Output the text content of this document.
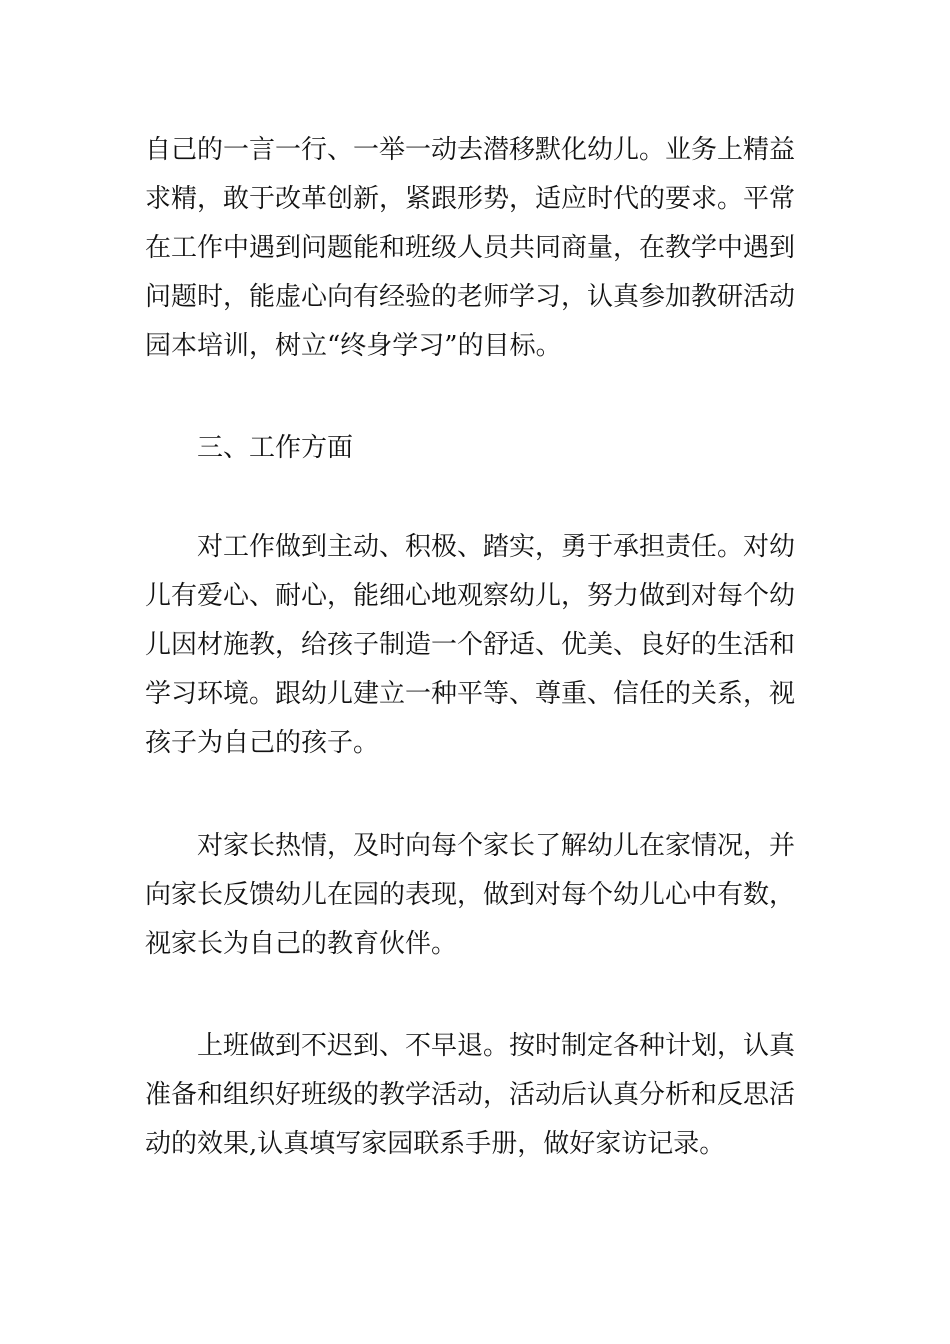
自己的一言一行、一举一动去潜移默化幼儿。业务上精益
求精，敢于改革创新，紧跟形势，适应时代的要求。平常
在工作中遇到问题能和班级人员共同商量，在教学中遇到
问题时，能虚心向有经验的老师学习，认真参加教研活动
园本培训，树立“终身学习”的目标。
三、工作方面
对工作做到主动、积极、踏实，勇于承担责任。对幼
儿有爱心、耐心，能细心地观察幼儿，努力做到对每个幼
儿因材施教，给孩子制造一个舒适、优美、良好的生活和
学习环境。跟幼儿建立一种平等、尊重、信任的关系，视
孩子为自己的孩子。
对家长热情，及时向每个家长了解幼儿在家情况，并
向家长反馈幼儿在园的表现，做到对每个幼儿心中有数，
视家长为自己的教育伙伴。
上班做到不迟到、不早退。按时制定各种计划，认真
准备和组织好班级的教学活动，活动后认真分析和反思活
动的效果,认真填写家园联系手册，做好家访记录。
